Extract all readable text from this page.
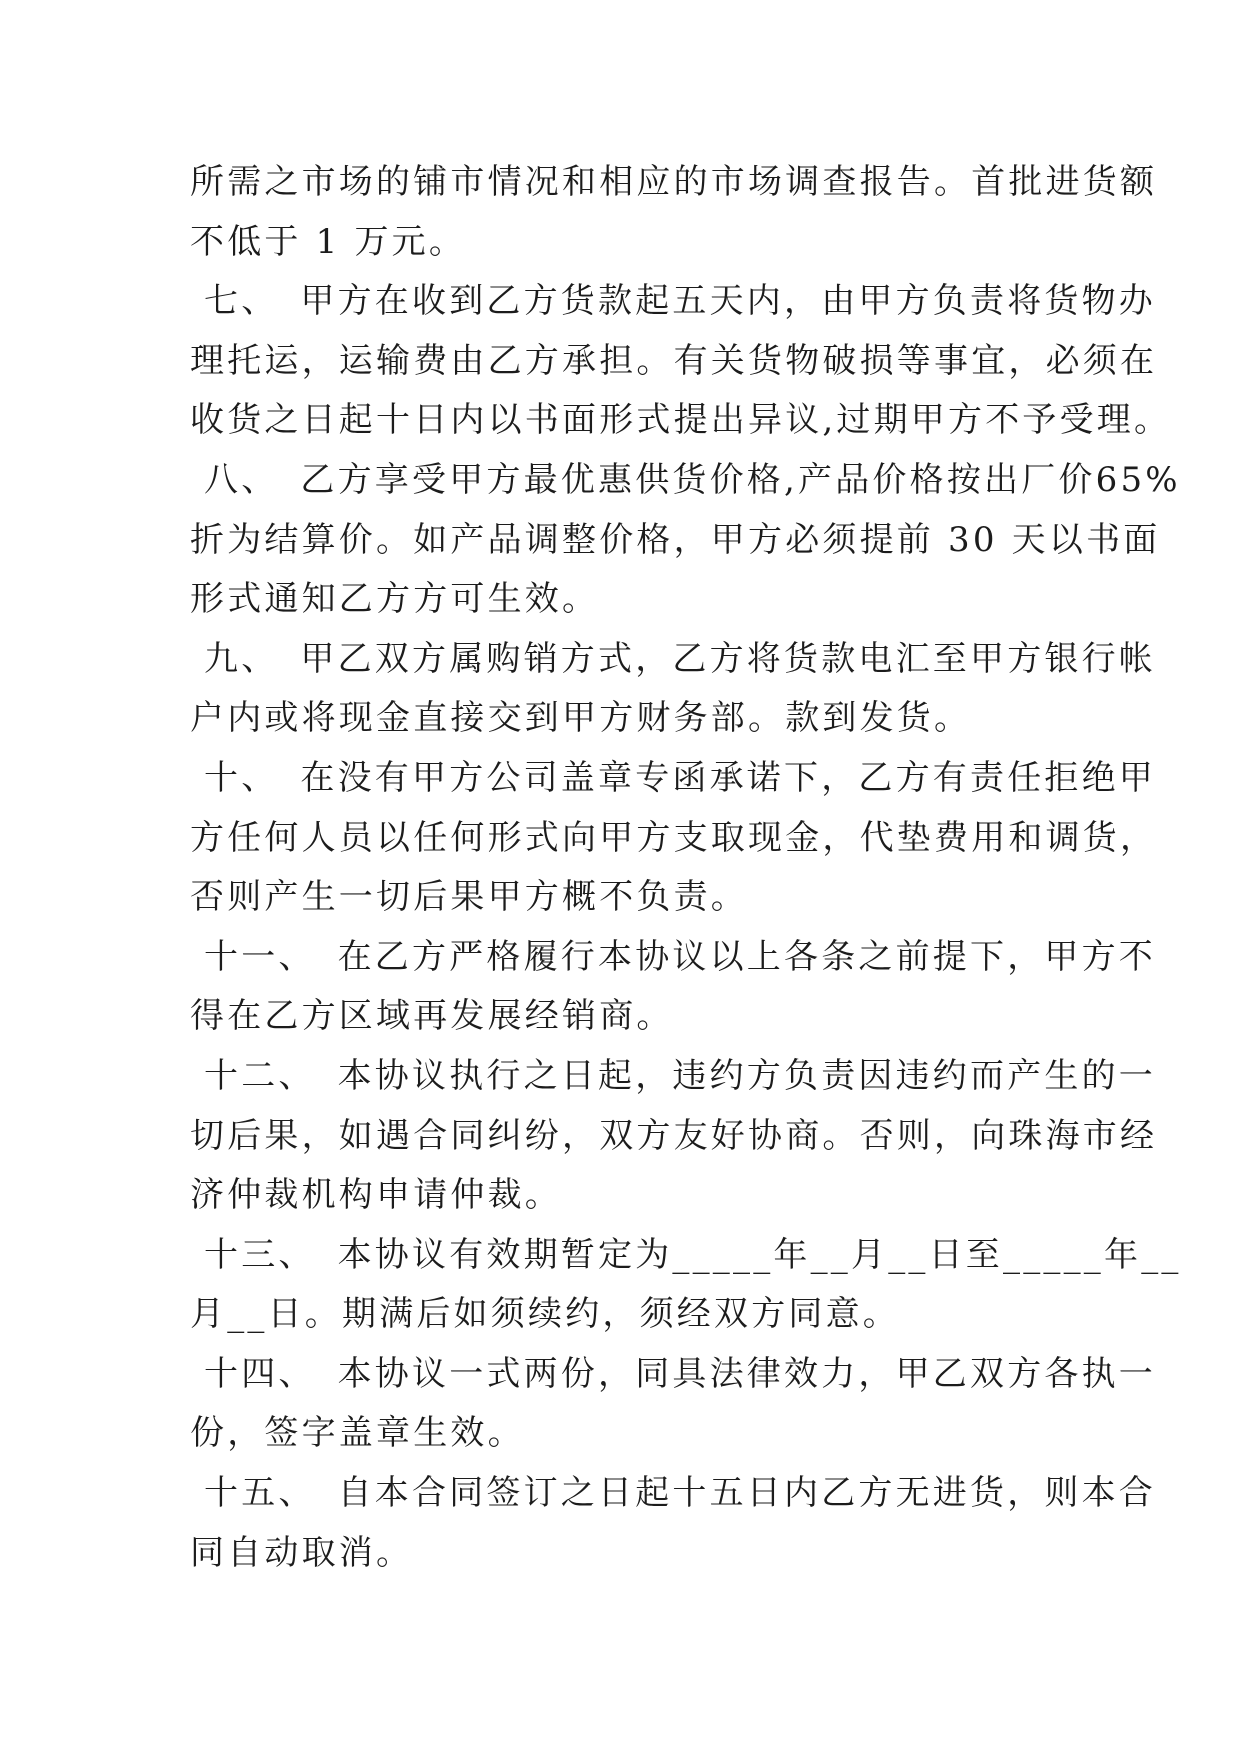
所需之市场的铺市情况和相应的市场调查报告。首批进货额
不低于 1 万元。
七、 甲方在收到乙方货款起五天内，由甲方负责将货物办
理托运，运输费由乙方承担。有关货物破损等事宜，必须在
收货之日起十日内以书面形式提出异议,过期甲方不予受理。
八、 乙方享受甲方最优惠供货价格,产品价格按出厂价65%
折为结算价。如产品调整价格，甲方必须提前 30 天以书面
形式通知乙方方可生效。
九、 甲乙双方属购销方式，乙方将货款电汇至甲方银行帐
户内或将现金直接交到甲方财务部。款到发货。
十、 在没有甲方公司盖章专函承诺下，乙方有责任拒绝甲
方任何人员以任何形式向甲方支取现金，代垫费用和调货，
否则产生一切后果甲方概不负责。
十一、 在乙方严格履行本协议以上各条之前提下，甲方不
得在乙方区域再发展经销商。
十二、 本协议执行之日起，违约方负责因违约而产生的一
切后果，如遇合同纠纷，双方友好协商。否则，向珠海市经
济仲裁机构申请仲裁。
十三、 本协议有效期暂定为_____年__月__日至_____年__
月__日。期满后如须续约，须经双方同意。
十四、 本协议一式两份，同具法律效力，甲乙双方各执一
份，签字盖章生效。
十五、 自本合同签订之日起十五日内乙方无进货，则本合
同自动取消。
